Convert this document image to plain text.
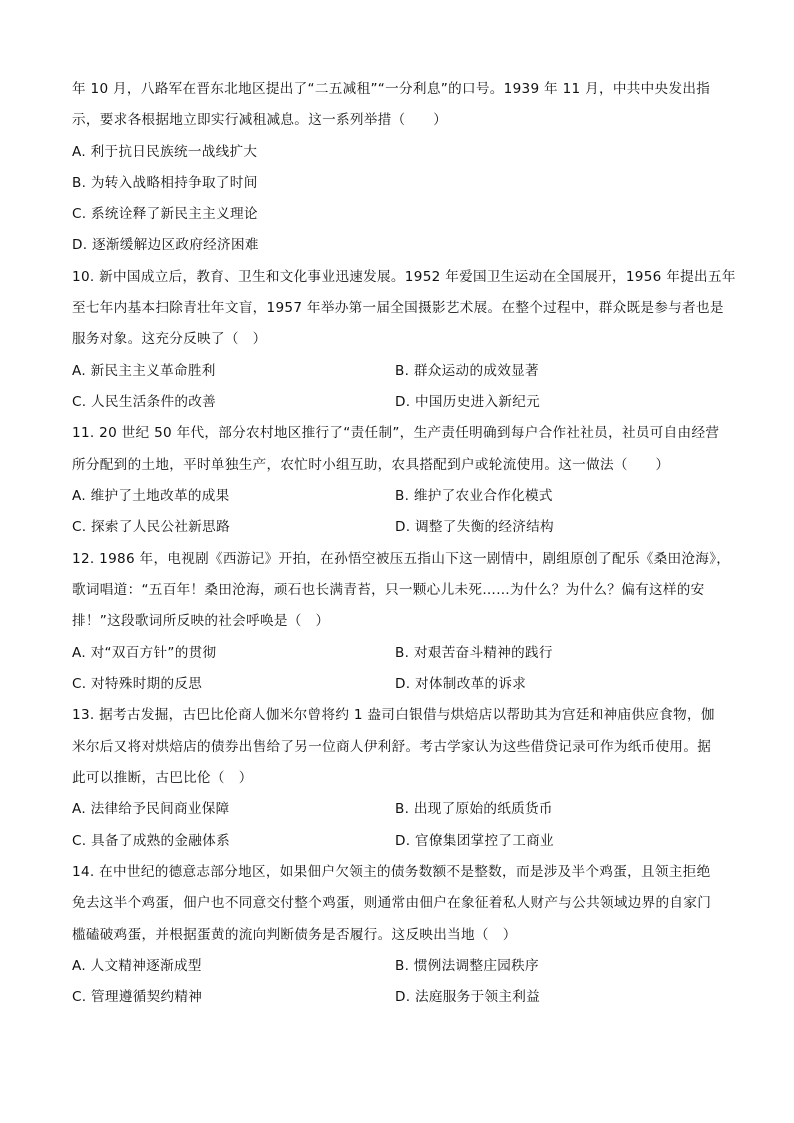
年 10 月，八路军在晋东北地区提出了“二五减租”“一分利息”的口号。1939 年 11 月，中共中央发出指
示，要求各根据地立即实行减租减息。这一系列举措（　　）
A. 利于抗日民族统一战线扩大
B. 为转入战略相持争取了时间
C. 系统诠释了新民主主义理论
D. 逐渐缓解边区政府经济困难
10. 新中国成立后，教育、卫生和文化事业迅速发展。1952 年爱国卫生运动在全国展开，1956 年提出五年
至七年内基本扫除青壮年文盲，1957 年举办第一届全国摄影艺术展。在整个过程中，群众既是参与者也是
服务对象。这充分反映了（　）
A. 新民主主义革命胜利	B. 群众运动的成效显著
C. 人民生活条件的改善	D. 中国历史进入新纪元
11. 20 世纪 50 年代，部分农村地区推行了“责任制”，生产责任明确到每户合作社社员，社员可自由经营
所分配到的土地，平时单独生产，农忙时小组互助，农具搭配到户或轮流使用。这一做法（　　）
A. 维护了土地改革的成果	B. 维护了农业合作化模式
C. 探索了人民公社新思路	D. 调整了失衡的经济结构
12. 1986 年，电视剧《西游记》开拍，在孙悟空被压五指山下这一剧情中，剧组原创了配乐《桑田沧海》，
歌词唱道：“五百年！桑田沧海，顽石也长满青苔，只一颗心儿未死……为什么？为什么？偏有这样的安
排！”这段歌词所反映的社会呼唤是（　）
A. 对“双百方针”的贯彻	B. 对艰苦奋斗精神的践行
C. 对特殊时期的反思	D. 对体制改革的诉求
13. 据考古发掘，古巴比伦商人伽米尔曾将约 1 盎司白银借与烘焙店以帮助其为宫廷和神庙供应食物，伽
米尔后又将对烘焙店的债券出售给了另一位商人伊利舒。考古学家认为这些借贷记录可作为纸币使用。据
此可以推断，古巴比伦（　）
A. 法律给予民间商业保障	B. 出现了原始的纸质货币
C. 具备了成熟的金融体系	D. 官僚集团掌控了工商业
14. 在中世纪的德意志部分地区，如果佃户欠领主的债务数额不是整数，而是涉及半个鸡蛋，且领主拒绝
免去这半个鸡蛋，佃户也不同意交付整个鸡蛋，则通常由佃户在象征着私人财产与公共领域边界的自家门
槛磕破鸡蛋，并根据蛋黄的流向判断债务是否履行。这反映出当地（　）
A. 人文精神逐渐成型	B. 惯例法调整庄园秩序
C. 管理遵循契约精神	D. 法庭服务于领主利益
